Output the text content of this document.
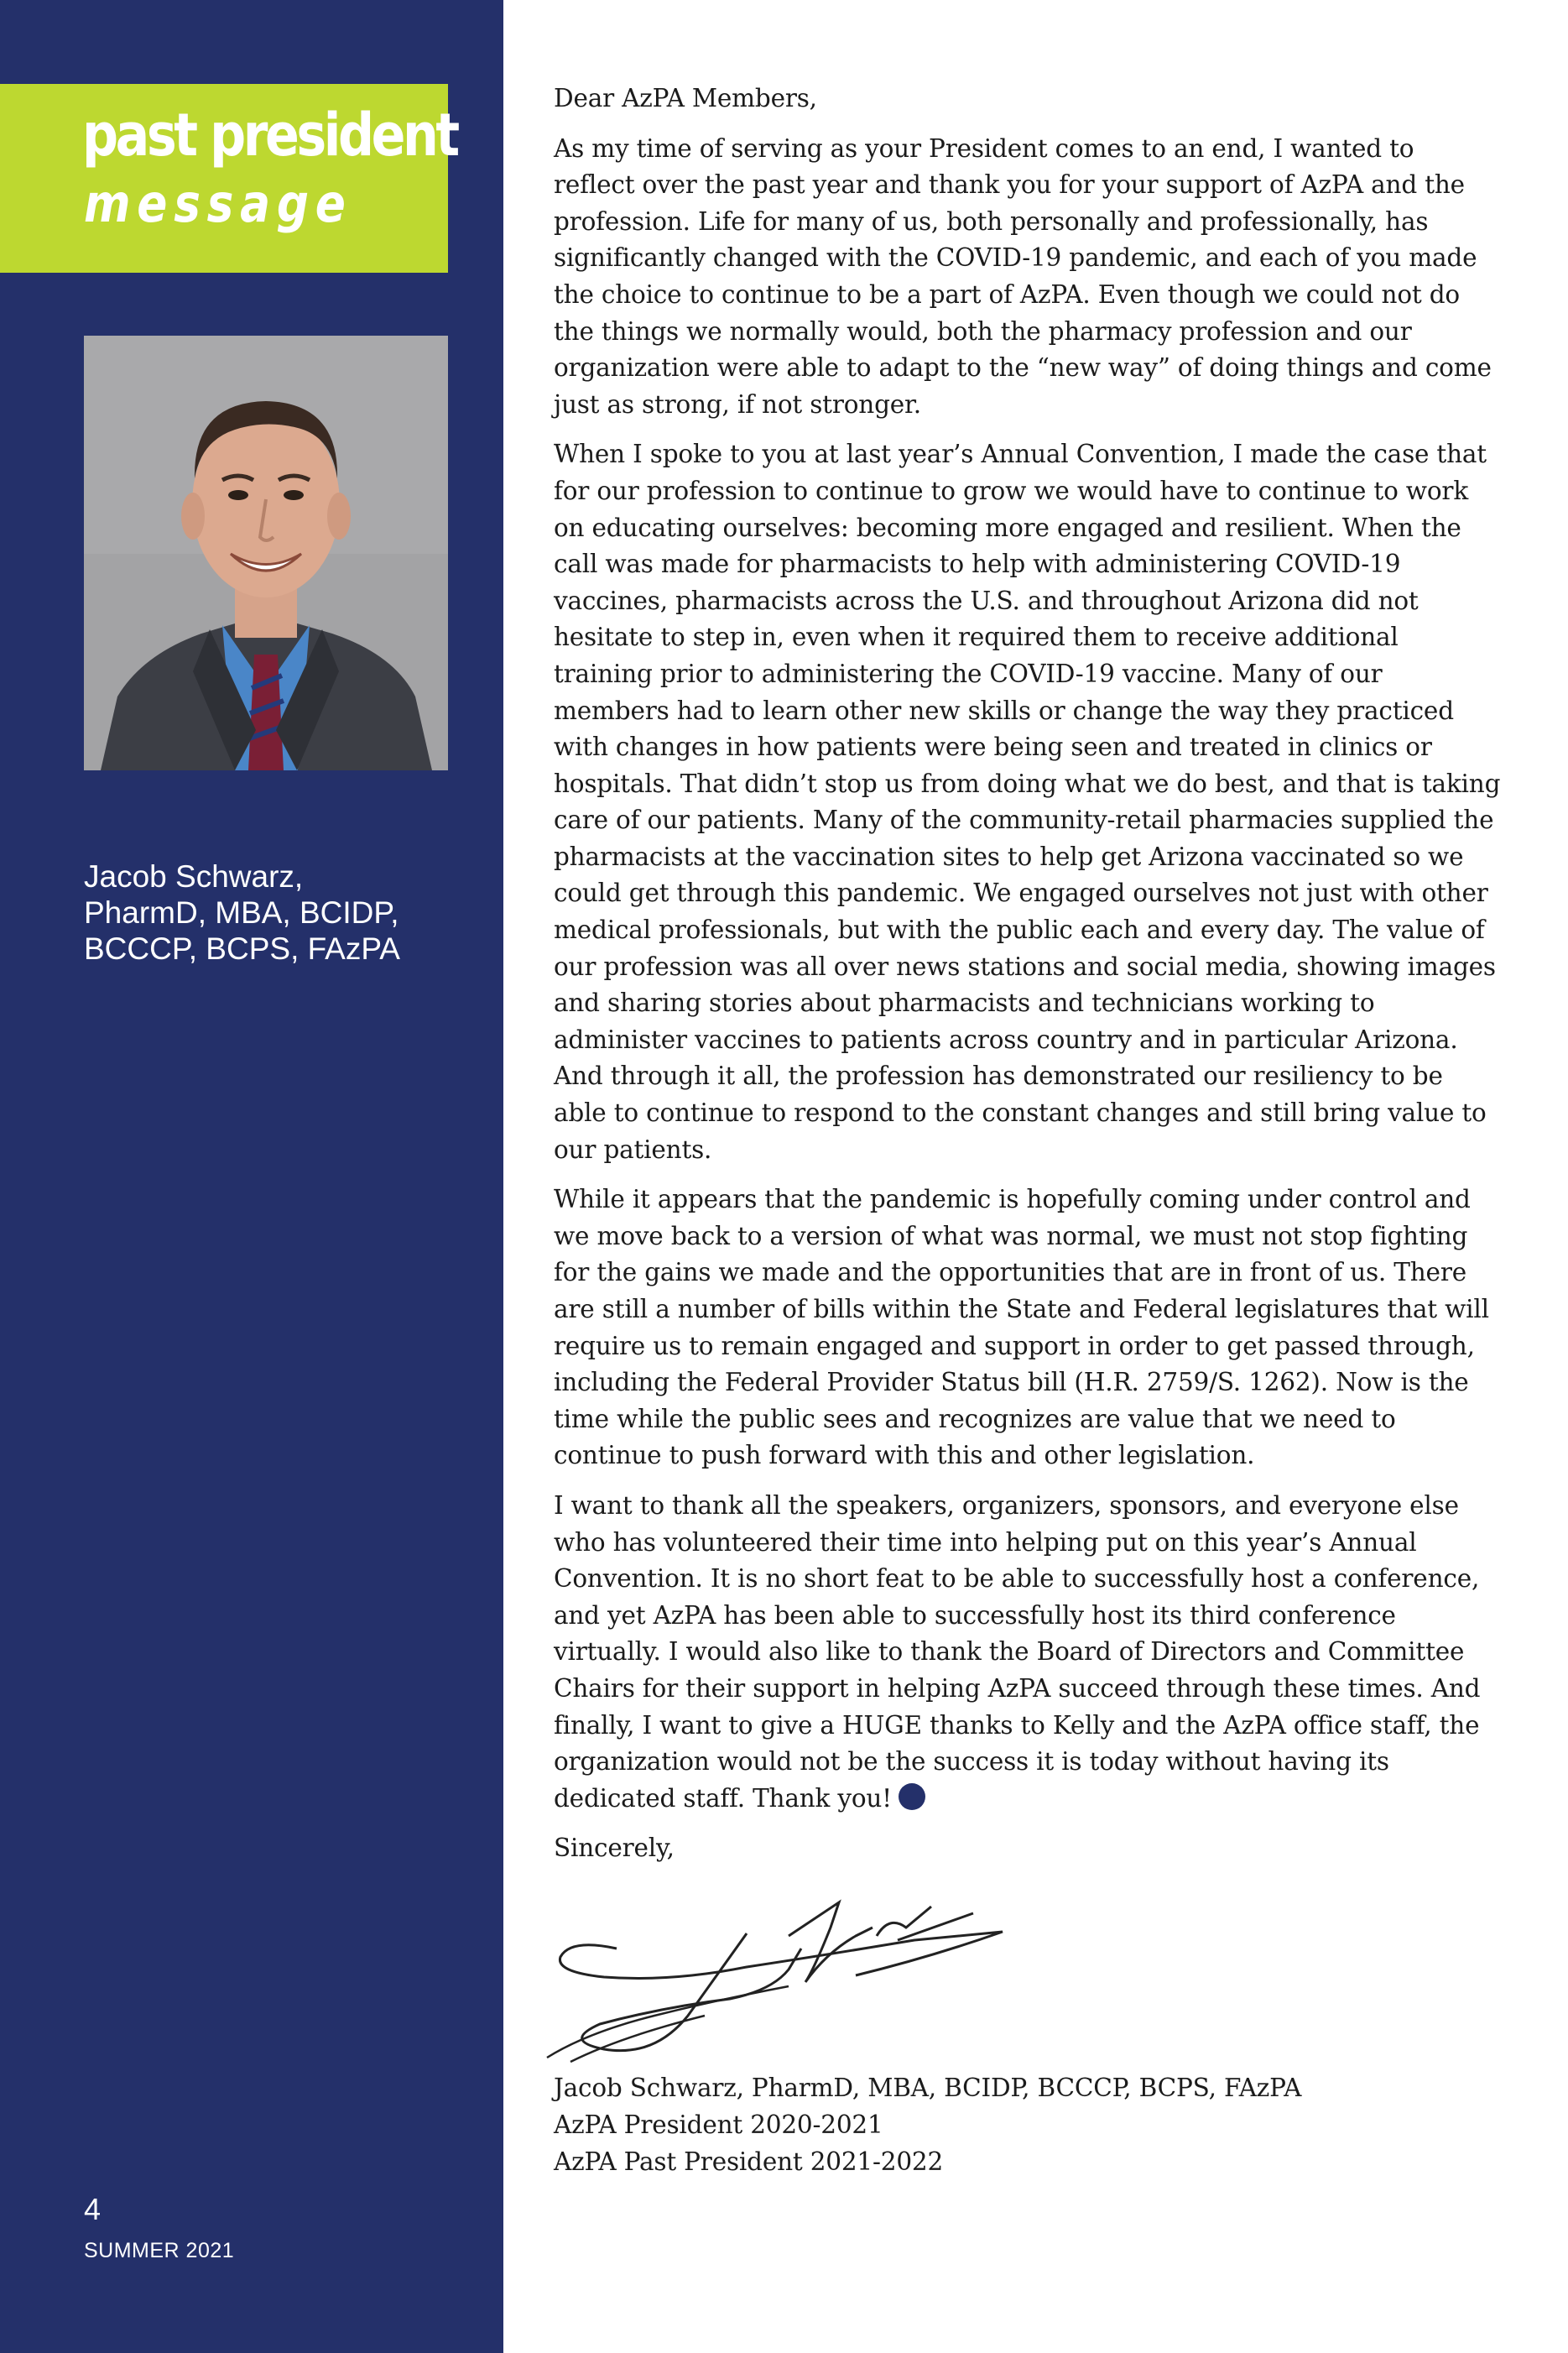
past president
message
Jacob Schwarz,
PharmD, MBA, BCIDP,
BCCCP, BCPS, FAzPA
4
SUMMER 2021

Dear AzPA Members,

As my time of serving as your President comes to an end, I wanted to reflect over the past year and thank you for your support of AzPA and the profession. Life for many of us, both personally and professionally, has significantly changed with the COVID-19 pandemic, and each of you made the choice to continue to be a part of AzPA. Even though we could not do the things we normally would, both the pharmacy profession and our organization were able to adapt to the “new way” of doing things and come just as strong, if not stronger.

When I spoke to you at last year’s Annual Convention, I made the case that for our profession to continue to grow we would have to continue to work on educating ourselves: becoming more engaged and resilient. When the call was made for pharmacists to help with administering COVID-19 vaccines, pharmacists across the U.S. and throughout Arizona did not hesitate to step in, even when it required them to receive additional training prior to administering the COVID-19 vaccine. Many of our members had to learn other new skills or change the way they practiced with changes in how patients were being seen and treated in clinics or hospitals. That didn’t stop us from doing what we do best, and that is taking care of our patients. Many of the community-retail pharmacies supplied the pharmacists at the vaccination sites to help get Arizona vaccinated so we could get through this pandemic. We engaged ourselves not just with other medical professionals, but with the public each and every day. The value of our profession was all over news stations and social media, showing images and sharing stories about pharmacists and technicians working to administer vaccines to patients across country and in particular Arizona. And through it all, the profession has demonstrated our resiliency to be able to continue to respond to the constant changes and still bring value to our patients.

While it appears that the pandemic is hopefully coming under control and we move back to a version of what was normal, we must not stop fighting for the gains we made and the opportunities that are in front of us. There are still a number of bills within the State and Federal legislatures that will require us to remain engaged and support in order to get passed through, including the Federal Provider Status bill (H.R. 2759/S. 1262). Now is the time while the public sees and recognizes are value that we need to continue to push forward with this and other legislation.

I want to thank all the speakers, organizers, sponsors, and everyone else who has volunteered their time into helping put on this year’s Annual Convention. It is no short feat to be able to successfully host a conference, and yet AzPA has been able to successfully host its third conference virtually. I would also like to thank the Board of Directors and Committee Chairs for their support in helping AzPA succeed through these times. And finally, I want to give a HUGE thanks to Kelly and the AzPA office staff, the organization would not be the success it is today without having its dedicated staff. Thank you!

Sincerely,

Jacob Schwarz, PharmD, MBA, BCIDP, BCCCP, BCPS, FAzPA
AzPA President 2020-2021
AzPA Past President 2021-2022
